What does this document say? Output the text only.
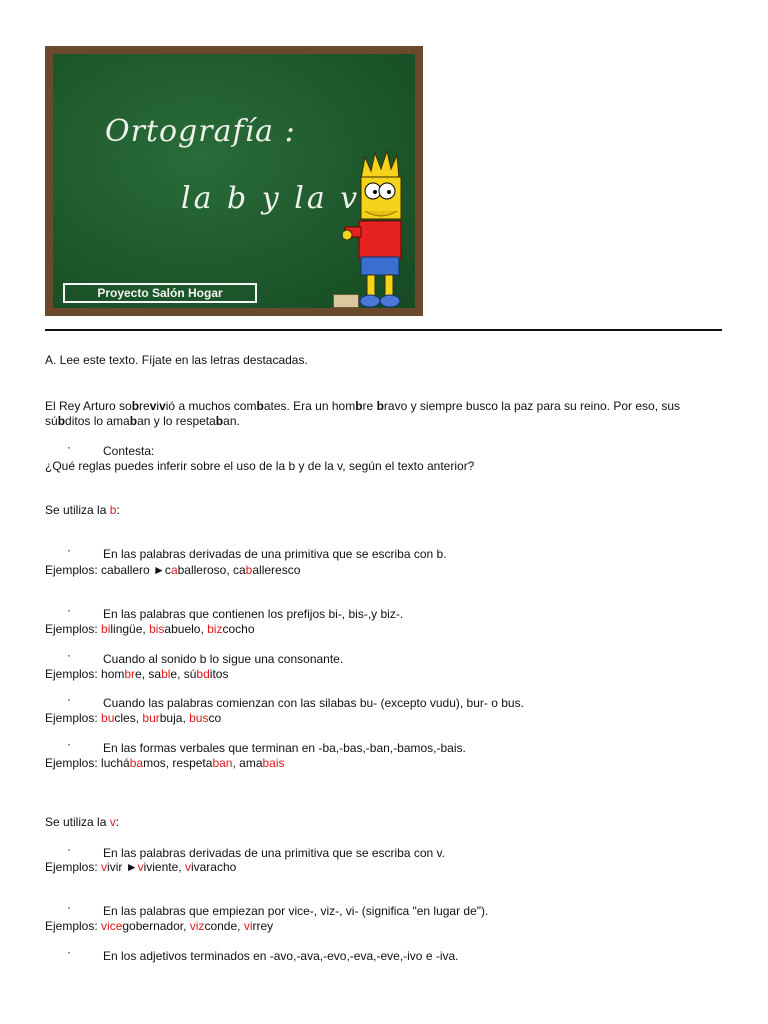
Ortografía :
la b y la v
Proyecto Salón Hogar
A. Lee este texto. Fíjate en las letras destacadas.
El Rey Arturo sobrevivió a muchos combates. Era un hombre bravo y siempre busco la paz para su reino. Por eso, sus
súbditos lo amaban y lo respetaban.
·	Contesta:
¿Qué reglas puedes inferir sobre el uso de la b y de la v, según el texto anterior?
Se utiliza la b:
·	En las palabras derivadas de una primitiva que se escriba con b.
Ejemplos: caballero ►caballeroso, caballeresco
·	En las palabras que contienen los prefijos bi-, bis-,y biz-.
Ejemplos: bilingüe, bisabuelo, bizcocho
·	Cuando al sonido b lo sigue una consonante.
Ejemplos: hombre, sable, súbditos
·	Cuando las palabras comienzan con las silabas bu- (excepto vudu), bur- o bus.
Ejemplos: bucles, burbuja, busco
·	En las formas verbales que terminan en -ba,-bas,-ban,-bamos,-bais.
Ejemplos: luchábamos, respetaban, amabais
Se utiliza la v:
·	En las palabras derivadas de una primitiva que se escriba con v.
Ejemplos: vivir ►viviente, vivaracho
·	En las palabras que empiezan por vice-, viz-, vi- (significa "en lugar de").
Ejemplos: vicegobernador, vizconde, virrey
·	En los adjetivos terminados en -avo,-ava,-evo,-eva,-eve,-ivo e -iva.
